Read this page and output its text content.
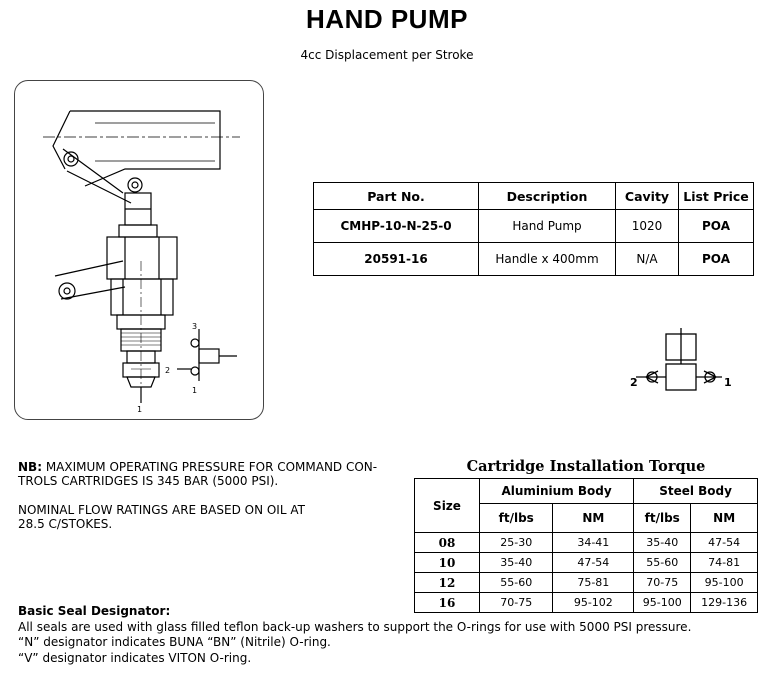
HAND PUMP
4cc Displacement per Stroke
3
2
1
1
Part No.	Description	Cavity	List Price
CMHP-10-N-25-0	Hand Pump	1020	POA
20591-16	Handle x 400mm	N/A	POA
2	1

NB: MAXIMUM OPERATING PRESSURE FOR COMMAND CON-
TROLS CARTRIDGES IS 345 BAR (5000 PSI).

NOMINAL FLOW RATINGS ARE BASED ON OIL AT
28.5 C/STOKES.

Cartridge Installation Torque
Size	Aluminium Body		Steel Body	
	ft/lbs	NM	ft/lbs	NM
08	25-30	34-41	35-40	47-54
10	35-40	47-54	55-60	74-81
12	55-60	75-81	70-75	95-100
16	70-75	95-102	95-100	129-136
Basic Seal Designator:
All seals are used with glass filled teflon back-up washers to support the O-rings for use with 5000 PSI pressure.
“N” designator indicates BUNA “BN” (Nitrile) O-ring.
“V” designator indicates VITON O-ring.
